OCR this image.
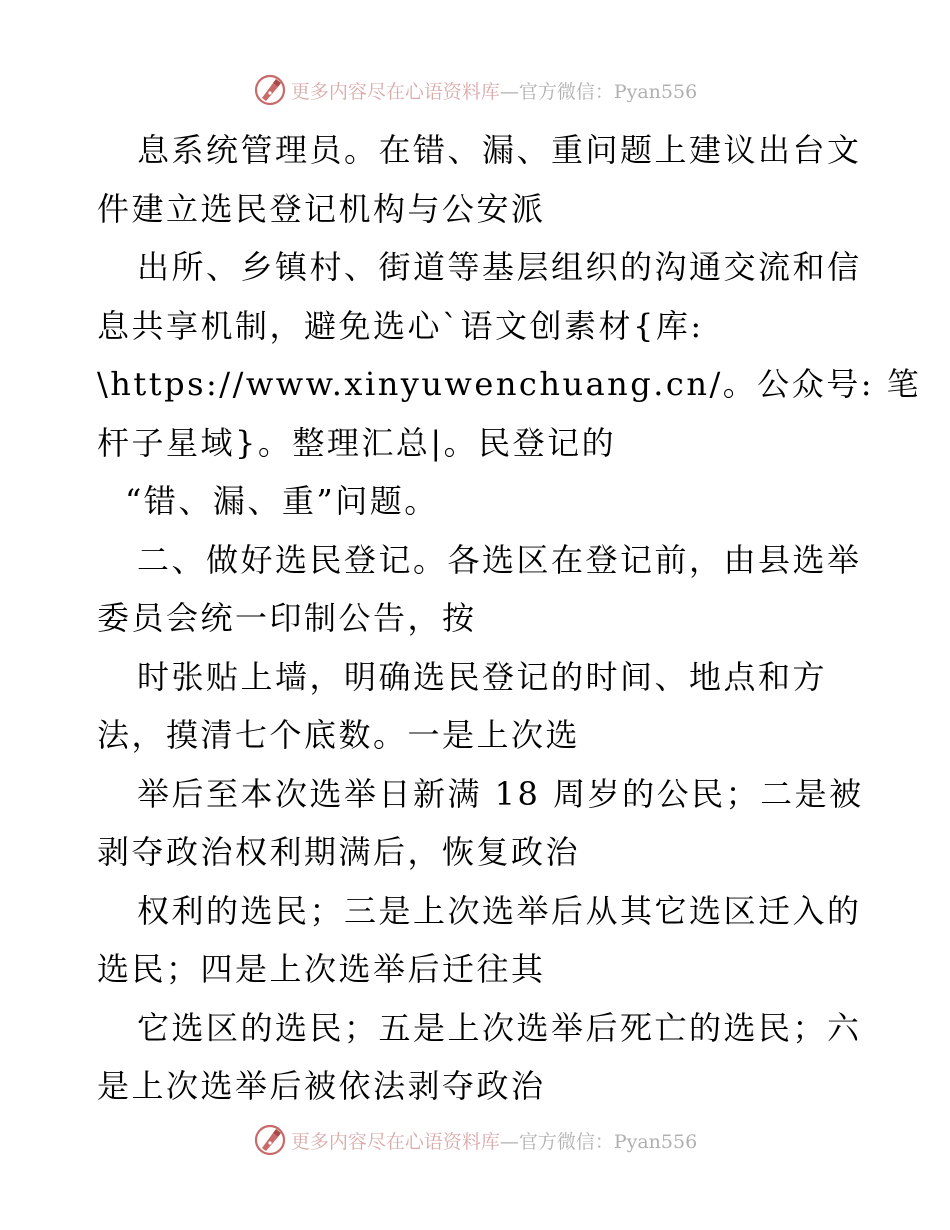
更多内容尽在心语资料库—官方微信：Pyan556
息系统管理员。在错、漏、重问题上建议出台文
件建立选民登记机构与公安派
出所、乡镇村、街道等基层组织的沟通交流和信
息共享机制，避免选心`语文创素材{库:
\https://www.xinyuwenchuang.cn/。公众号: 笔
杆子星域}。整理汇总|。民登记的
“错、漏、重”问题。
二、做好选民登记。各选区在登记前，由县选举
委员会统一印制公告，按
时张贴上墙，明确选民登记的时间、地点和方
法，摸清七个底数。一是上次选
举后至本次选举日新满 18 周岁的公民；二是被
剥夺政治权利期满后，恢复政治
权利的选民；三是上次选举后从其它选区迁入的
选民；四是上次选举后迁往其
它选区的选民；五是上次选举后死亡的选民；六
是上次选举后被依法剥夺政治
更多内容尽在心语资料库—官方微信：Pyan556
